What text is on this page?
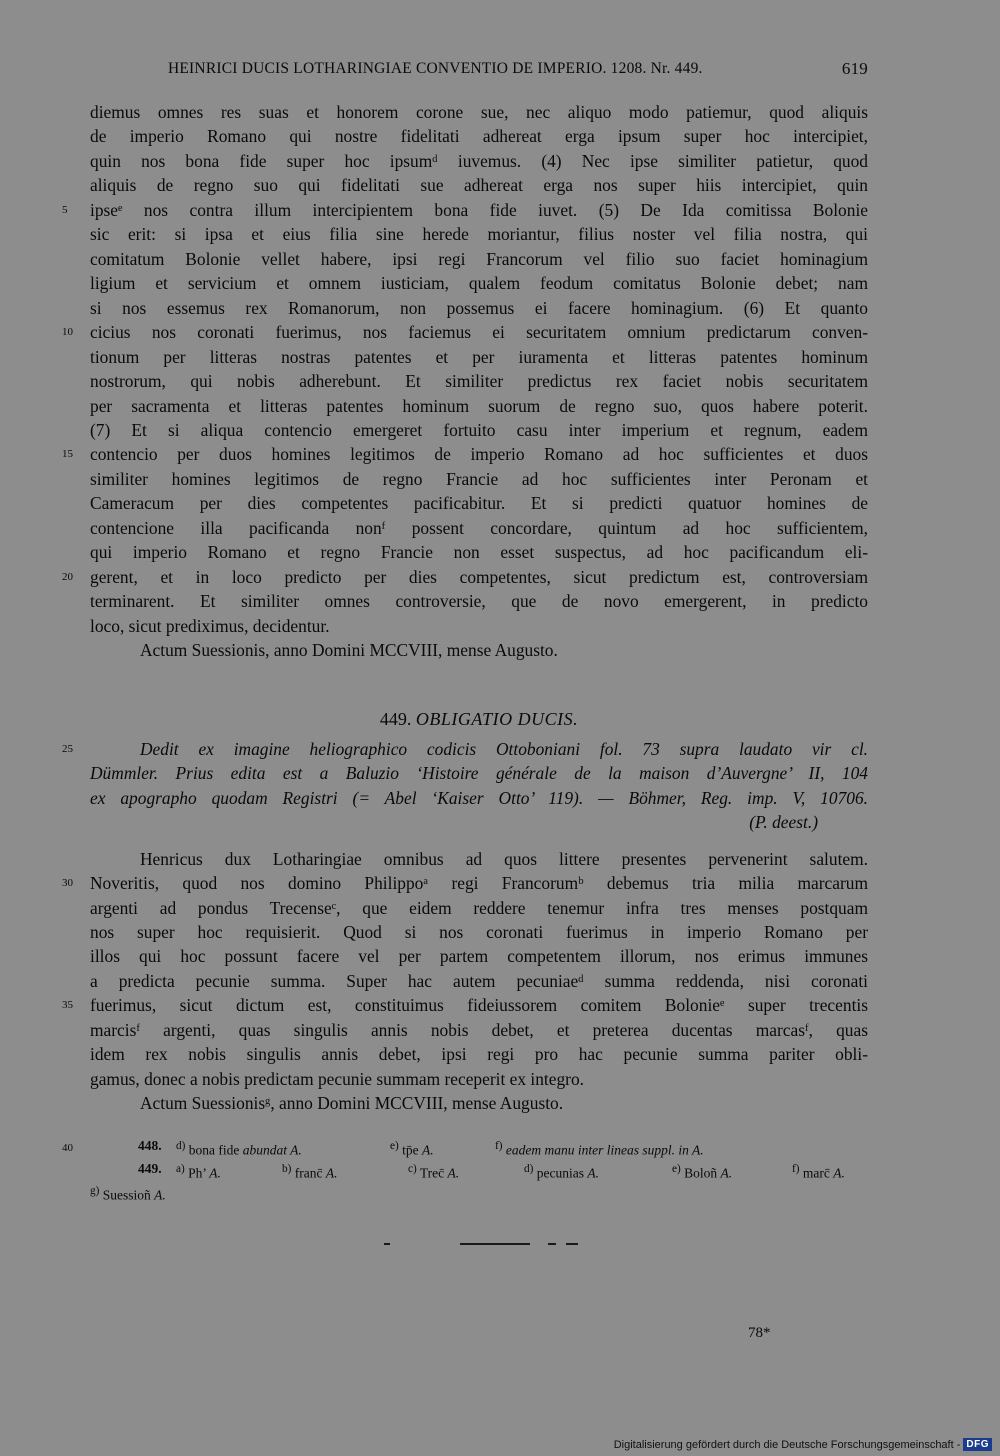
HEINRICI DUCIS LOTHARINGIAE CONVENTIO DE IMPERIO. 1208. Nr. 449.	619
5
10
15
20
25
30
35
40
diemus omnes res suas et honorem corone sue, nec aliquo modo patiemur, quod aliquis
de imperio Romano qui nostre fidelitati adhereat erga ipsum super hoc intercipiet,
quin nos bona fide super hoc ipsumᵈ iuvemus. (4) Nec ipse similiter patietur, quod
aliquis de regno suo qui fidelitati sue adhereat erga nos super hiis intercipiet, quin
ipseᵉ nos contra illum intercipientem bona fide iuvet. (5) De Ida comitissa Bolonie
sic erit: si ipsa et eius filia sine herede moriantur, filius noster vel filia nostra, qui
comitatum Bolonie vellet habere, ipsi regi Francorum vel filio suo faciet hominagium
ligium et servicium et omnem iusticiam, qualem feodum comitatus Bolonie debet; nam
si nos essemus rex Romanorum, non possemus ei facere hominagium. (6) Et quanto
cicius nos coronati fuerimus, nos faciemus ei securitatem omnium predictarum conven-
tionum per litteras nostras patentes et per iuramenta et litteras patentes hominum
nostrorum, qui nobis adherebunt. Et similiter predictus rex faciet nobis securitatem
per sacramenta et litteras patentes hominum suorum de regno suo, quos habere poterit.
(7) Et si aliqua contencio emergeret fortuito casu inter imperium et regnum, eadem
contencio per duos homines legitimos de imperio Romano ad hoc sufficientes et duos
similiter homines legitimos de regno Francie ad hoc sufficientes inter Peronam et
Cameracum per dies competentes pacificabitur. Et si predicti quatuor homines de
contencione illa pacificanda nonᶠ possent concordare, quintum ad hoc sufficientem,
qui imperio Romano et regno Francie non esset suspectus, ad hoc pacificandum eli-
gerent, et in loco predicto per dies competentes, sicut predictum est, controversiam
terminarent. Et similiter omnes controversie, que de novo emergerent, in predicto
loco, sicut prediximus, decidentur.
Actum Suessionis, anno Domini MCCVIII, mense Augusto.
449. OBLIGATIO DUCIS.
Dedit ex imagine heliographico codicis Ottoboniani fol. 73 supra laudato vir cl.
Dümmler. Prius edita est a Baluzio ‘Histoire générale de la maison d’Auvergne’ II, 104
ex apographo quodam Registri (= Abel ‘Kaiser Otto’ 119). — Böhmer, Reg. imp. V, 10706.
(P. deest.)
Henricus dux Lotharingiae omnibus ad quos littere presentes pervenerint salutem.
Noveritis, quod nos domino Philippoᵃ regi Francorumᵇ debemus tria milia marcarum
argenti ad pondus Trecenseᶜ, que eidem reddere tenemur infra tres menses postquam
nos super hoc requisierit. Quod si nos coronati fuerimus in imperio Romano per
illos qui hoc possunt facere vel per partem competentem illorum, nos erimus immunes
a predicta pecunie summa. Super hac autem pecuniaeᵈ summa reddenda, nisi coronati
fuerimus, sicut dictum est, constituimus fideiussorem comitem Bolonieᵉ super trecentis
marcisᶠ argenti, quas singulis annis nobis debet, et preterea ducentas marcasᶠ, quas
idem rex nobis singulis annis debet, ipsi regi pro hac pecunie summa pariter obli-
gamus, donec a nobis predictam pecunie summam receperit ex integro.
Actum Suessionisᵍ, anno Domini MCCVIII, mense Augusto.
448. $^{d)}$ bona fide abundat A.	$^{e)}$ tp̄e A.	$^{f)}$ eadem manu inter lineas suppl. in A.
449. $^{a)}$ Ph’ A.	$^{b)}$ franc̄ A.	$^{c)}$ Trec̄ A.	$^{d)}$ pecunias A.	$^{e)}$ Boloñ A.	$^{f)}$ marc̄ A.
$^{g)}$ Suessioñ A.
78*
Digitalisierung gefördert durch die Deutsche Forschungsgemeinschaft - DFG
